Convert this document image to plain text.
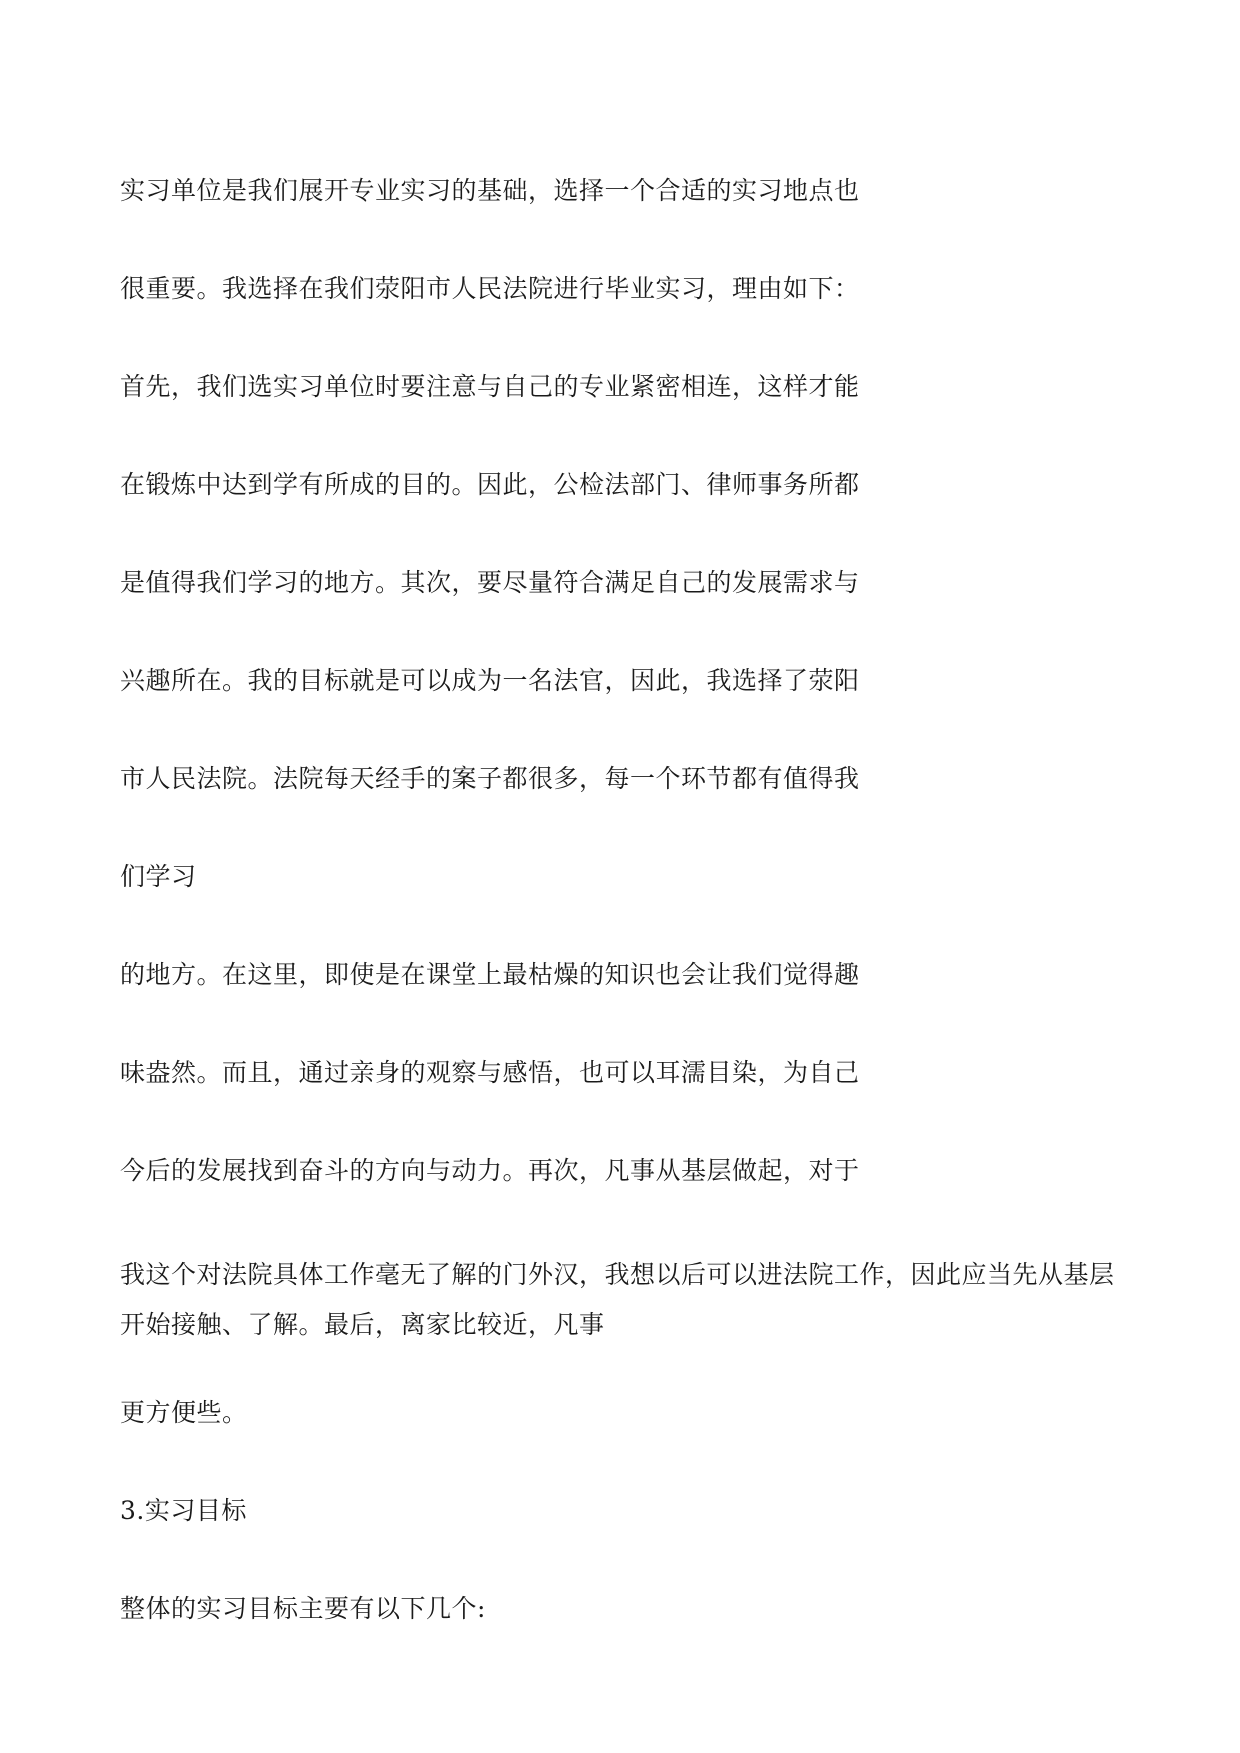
实习单位是我们展开专业实习的基础，选择一个合适的实习地点也
很重要。我选择在我们荥阳市人民法院进行毕业实习，理由如下：
首先，我们选实习单位时要注意与自己的专业紧密相连，这样才能
在锻炼中达到学有所成的目的。因此，公检法部门、律师事务所都
是值得我们学习的地方。其次，要尽量符合满足自己的发展需求与
兴趣所在。我的目标就是可以成为一名法官，因此，我选择了荥阳
市人民法院。法院每天经手的案子都很多，每一个环节都有值得我
们学习
的地方。在这里，即使是在课堂上最枯燥的知识也会让我们觉得趣
味盎然。而且，通过亲身的观察与感悟，也可以耳濡目染，为自己
今后的发展找到奋斗的方向与动力。再次，凡事从基层做起，对于
我这个对法院具体工作毫无了解的门外汉，我想以后可以进法院工作，因此应当先从基层开始接触、了解。最后，离家比较近，凡事
更方便些。
3.实习目标
整体的实习目标主要有以下几个:
